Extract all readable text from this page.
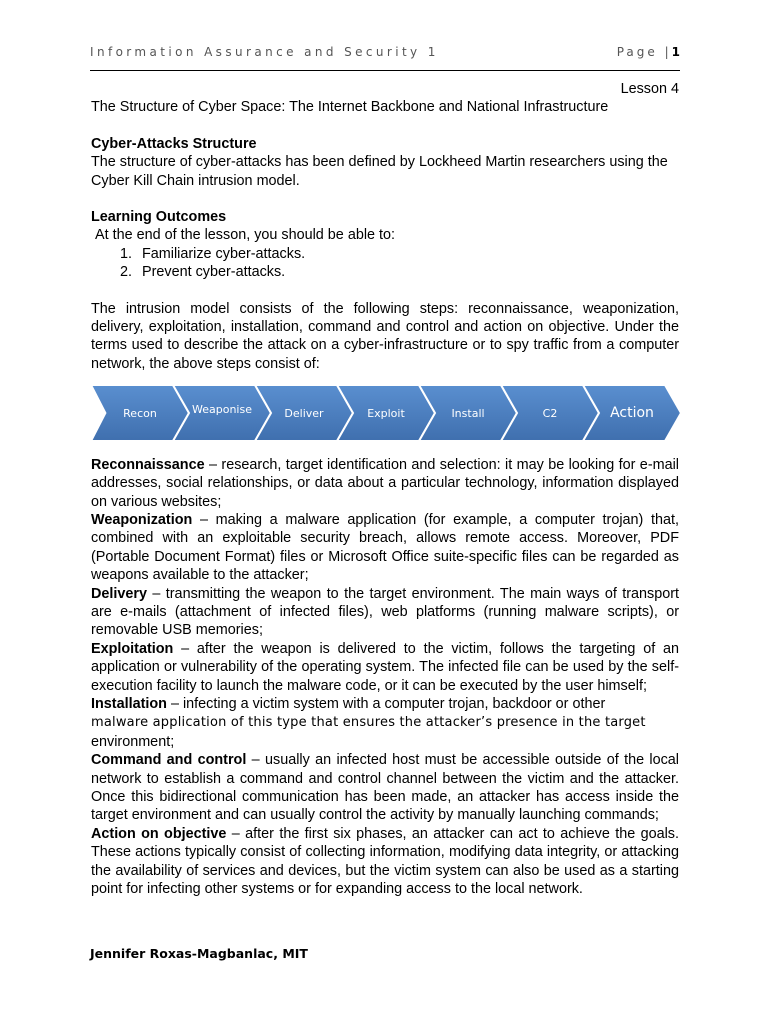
Information Assurance and Security 1	Page |1

Lesson 4

The Structure of Cyber Space: The Internet Backbone and National Infrastructure

Cyber-Attacks Structure

The structure of cyber-attacks has been defined by Lockheed Martin researchers using the Cyber Kill Chain intrusion model.

Learning Outcomes

At the end of the lesson, you should be able to:

1. Familiarize cyber-attacks.
2. Prevent cyber-attacks.

The intrusion model consists of the following steps: reconnaissance, weaponization, delivery, exploitation, installation, command and control and action on objective. Under the terms used to describe the attack on a cyber-infrastructure or to spy traffic from a computer network, the above steps consist of:

Recon	Weaponise	Deliver	Exploit	Install	C2	Action

Reconnaissance – research, target identification and selection: it may be looking for e-mail addresses, social relationships, or data about a particular technology, information displayed on various websites;

Weaponization – making a malware application (for example, a computer trojan) that, combined with an exploitable security breach, allows remote access. Moreover, PDF (Portable Document Format) files or Microsoft Office suite-specific files can be regarded as weapons available to the attacker;

Delivery – transmitting the weapon to the target environment. The main ways of transport are e-mails (attachment of infected files), web platforms (running malware scripts), or removable USB memories;

Exploitation – after the weapon is delivered to the victim, follows the targeting of an application or vulnerability of the operating system. The infected file can be used by the self-execution facility to launch the malware code, or it can be executed by the user himself;

Installation – infecting a victim system with a computer trojan, backdoor or other
malware application of this type that ensures the attacker’s presence in the target
environment;

Command and control – usually an infected host must be accessible outside of the local network to establish a command and control channel between the victim and the attacker. Once this bidirectional communication has been made, an attacker has access inside the target environment and can usually control the activity by manually launching commands;

Action on objective – after the first six phases, an attacker can act to achieve the goals. These actions typically consist of collecting information, modifying data integrity, or attacking the availability of services and devices, but the victim system can also be used as a starting point for infecting other systems or for expanding access to the local network.

Jennifer Roxas-Magbanlac, MIT
